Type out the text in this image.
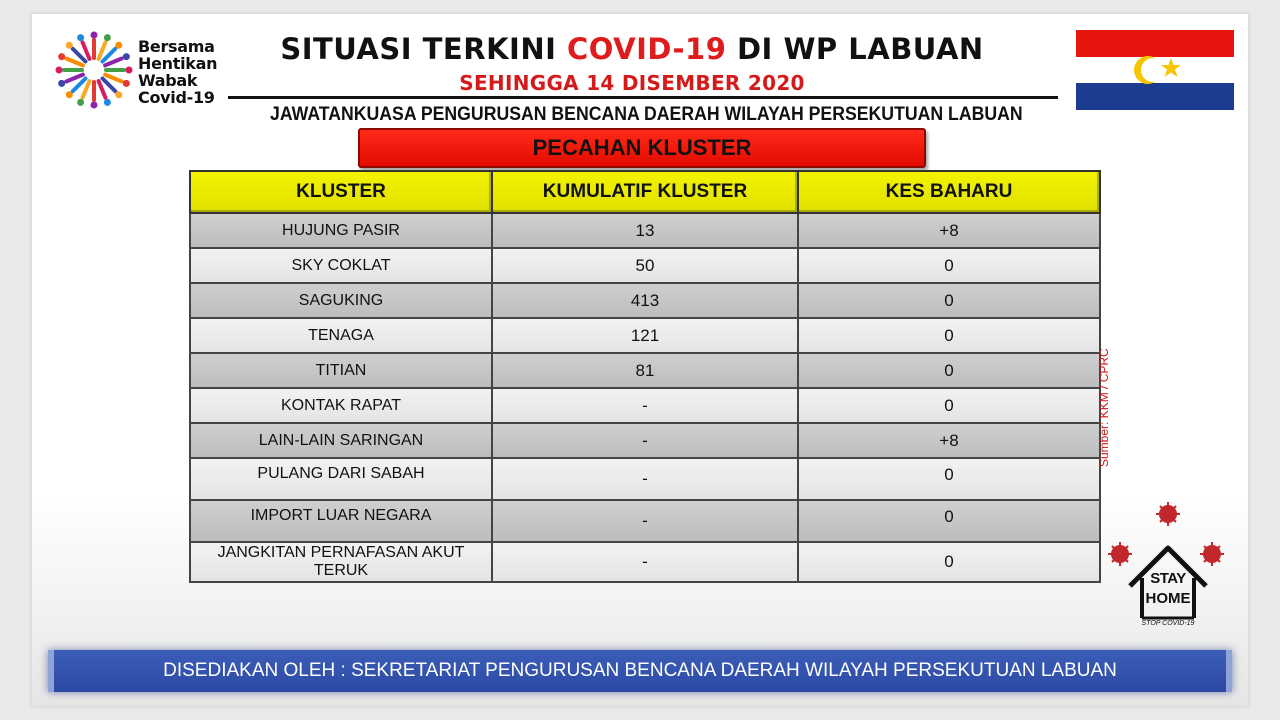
Bersama
Hentikan
Wabak
Covid-19
SITUASI TERKINI COVID-19 DI WP LABUAN
SEHINGGA 14 DISEMBER 2020
JAWATANKUASA PENGURUSAN BENCANA DAERAH WILAYAH PERSEKUTUAN LABUAN
PECAHAN KLUSTER
KLUSTER	KUMULATIF KLUSTER	KES BAHARU
HUJUNG PASIR	13	+8
SKY COKLAT	50	0
SAGUKING	413	0
TENAGA	121	0
TITIAN	81	0
KONTAK RAPAT	-	0
LAIN-LAIN SARINGAN	-	+8
PULANG DARI SABAH	-	0
IMPORT LUAR NEGARA	-	0
JANGKITAN PERNAFASAN AKUT TERUK	-	0
Sumber: KKM / CPRC
STAY
HOME
STOP COVID-19
DISEDIAKAN OLEH : SEKRETARIAT PENGURUSAN BENCANA DAERAH WILAYAH PERSEKUTUAN LABUAN
